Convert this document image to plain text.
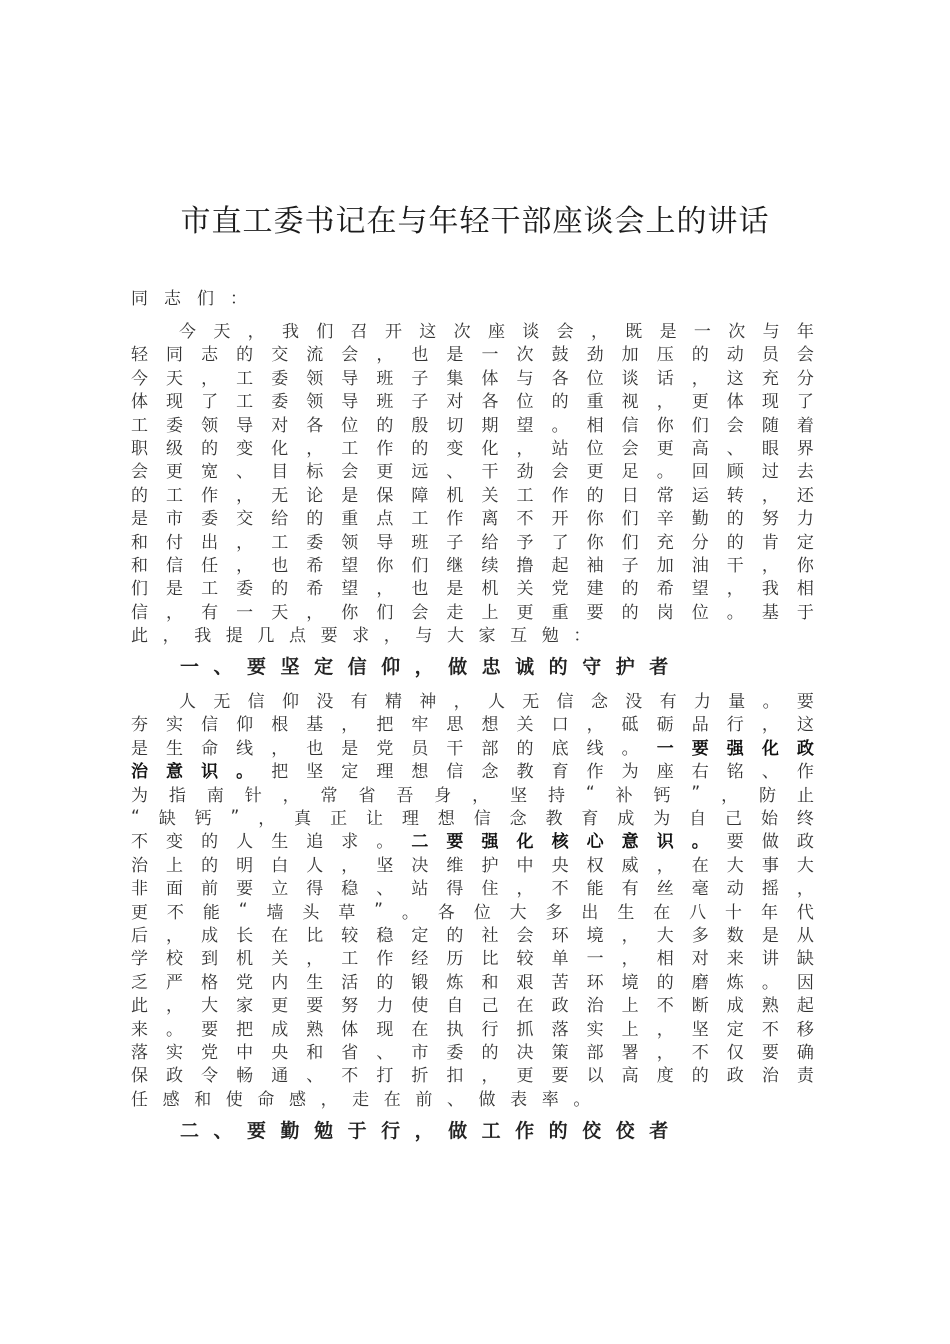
市直工委书记在与年轻干部座谈会上的讲话
同 志 们 ：
今 天 ， 我 们 召 开 这 次 座 谈 会 ， 既 是 一 次 与 年
轻 同 志 的 交 流 会 ， 也 是 一 次 鼓 劲 加 压 的 动 员 会
今 天 ， 工 委 领 导 班 子 集 体 与 各 位 谈 话 ， 这 充 分
体 现 了 工 委 领 导 班 子 对 各 位 的 重 视 ， 更 体 现 了
工 委 领 导 对 各 位 的 殷 切 期 望 。 相 信 你 们 会 随 着
职 级 的 变 化 ， 工 作 的 变 化 ， 站 位 会 更 高 、 眼 界
会 更 宽 、 目 标 会 更 远 、 干 劲 会 更 足 。 回 顾 过 去
的 工 作 ， 无 论 是 保 障 机 关 工 作 的 日 常 运 转 ， 还
是 市 委 交 给 的 重 点 工 作 离 不 开 你 们 辛 勤 的 努 力
和 付 出 ， 工 委 领 导 班 子 给 予 了 你 们 充 分 的 肯 定
和 信 任 ， 也 希 望 你 们 继 续 撸 起 袖 子 加 油 干 ， 你
们 是 工 委 的 希 望 ， 也 是 机 关 党 建 的 希 望 ， 我 相
信 ， 有 一 天 ， 你 们 会 走 上 更 重 要 的 岗 位 。 基 于
此 ， 我 提 几 点 要 求 ， 与 大 家 互 勉 ：
一 、 要 坚 定 信 仰 ， 做 忠 诚 的 守 护 者
人 无 信 仰 没 有 精 神 ， 人 无 信 念 没 有 力 量 。 要
夯 实 信 仰 根 基 ， 把 牢 思 想 关 口 ， 砥 砺 品 行 ， 这
是 生 命 线 ， 也 是 党 员 干 部 的 底 线 。 一 要 强 化 政
治 意 识 。 把 坚 定 理 想 信 念 教 育 作 为 座 右 铭 、 作
为 指 南 针 ， 常 省 吾 身 ， 坚 持 “ 补 钙 ” ， 防 止
“ 缺 钙 ” ， 真 正 让 理 想 信 念 教 育 成 为 自 己 始 终
不 变 的 人 生 追 求 。 二 要 强 化 核 心 意 识 。 要 做 政
治 上 的 明 白 人 ， 坚 决 维 护 中 央 权 威 ， 在 大 事 大
非 面 前 要 立 得 稳 、 站 得 住 ， 不 能 有 丝 毫 动 摇 ，
更 不 能 “ 墙 头 草 ” 。 各 位 大 多 出 生 在 八 十 年 代
后 ， 成 长 在 比 较 稳 定 的 社 会 环 境 ， 大 多 数 是 从
学 校 到 机 关 ， 工 作 经 历 比 较 单 一 ， 相 对 来 讲 缺
乏 严 格 党 内 生 活 的 锻 炼 和 艰 苦 环 境 的 磨 炼 。 因
此 ， 大 家 更 要 努 力 使 自 己 在 政 治 上 不 断 成 熟 起
来 。 要 把 成 熟 体 现 在 执 行 抓 落 实 上 ， 坚 定 不 移
落 实 党 中 央 和 省 、 市 委 的 决 策 部 署 ， 不 仅 要 确
保 政 令 畅 通 、 不 打 折 扣 ， 更 要 以 高 度 的 政 治 责
任 感 和 使 命 感 ， 走 在 前 、 做 表 率 。
二 、 要 勤 勉 于 行 ， 做 工 作 的 佼 佼 者
